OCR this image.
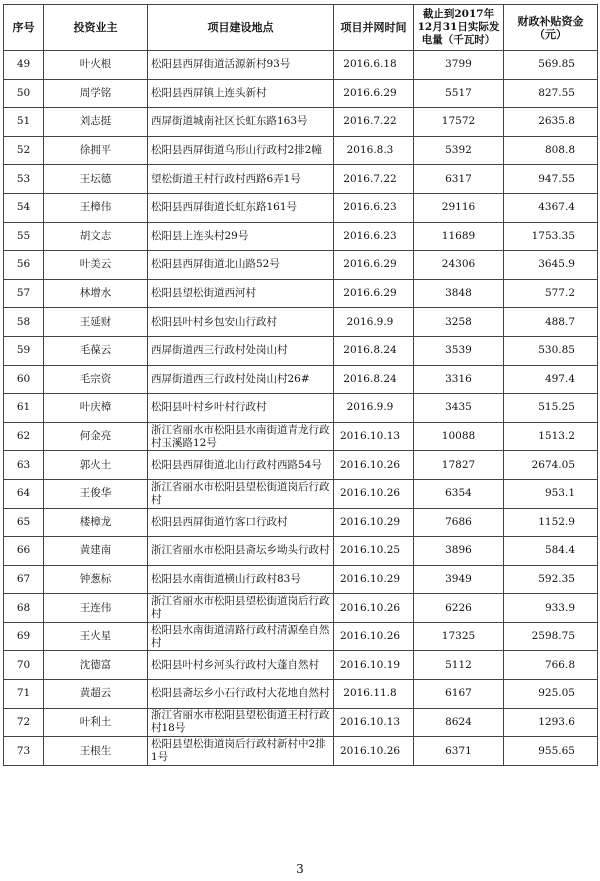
序号	投资业主	项目建设地点	项目并网时间	截止到2017年12月31日实际发电量（千瓦时）	财政补贴资金（元）
49	叶火根	松阳县西屏街道活源新村93号	2016.6.18	3799	569.85
50	周学铭	松阳县西屏镇上连头新村	2016.6.29	5517	827.55
51	刘志挺	西屏街道城南社区长虹东路163号	2016.7.22	17572	2635.8
52	徐拥平	松阳县西屏街道乌形山行政村2排2幢	2016.8.3	5392	808.8
53	王坛德	望松街道王村行政村西路6弄1号	2016.7.22	6317	947.55
54	王樟伟	松阳县西屏街道长虹东路161号	2016.6.23	29116	4367.4
55	胡文志	松阳县上连头村29号	2016.6.23	11689	1753.35
56	叶美云	松阳县西屏街道北山路52号	2016.6.29	24306	3645.9
57	林增水	松阳县望松街道西河村	2016.6.29	3848	577.2
58	王延财	松阳县叶村乡包安山行政村	2016.9.9	3258	488.7
59	毛葆云	西屏街道西三行政村处岗山村	2016.8.24	3539	530.85
60	毛宗资	西屏街道西三行政村处岗山村26#	2016.8.24	3316	497.4
61	叶庆樟	松阳县叶村乡叶村行政村	2016.9.9	3435	515.25
62	何金亮	浙江省丽水市松阳县水南街道青龙行政村玉溪路12号	2016.10.13	10088	1513.2
63	郭火土	松阳县西屏街道北山行政村西路54号	2016.10.26	17827	2674.05
64	王俊华	浙江省丽水市松阳县望松街道岗后行政村	2016.10.26	6354	953.1
65	楼樟龙	松阳县西屏街道竹客口行政村	2016.10.29	7686	1152.9
66	黄建南	浙江省丽水市松阳县斋坛乡坳头行政村	2016.10.25	3896	584.4
67	钟葱标	松阳县水南街道横山行政村83号	2016.10.29	3949	592.35
68	王连伟	浙江省丽水市松阳县望松街道岗后行政村	2016.10.26	6226	933.9
69	王火星	松阳县水南街道清路行政村清源垒自然村	2016.10.26	17325	2598.75
70	沈德富	松阳县叶村乡河头行政村大蓬自然村	2016.10.19	5112	766.8
71	黄超云	松阳县斋坛乡小石行政村大花地自然村	2016.11.8	6167	925.05
72	叶利土	浙江省丽水市松阳县望松街道王村行政村18号	2016.10.13	8624	1293.6
73	王根生	松阳县望松街道岗后行政村新村中2排1号	2016.10.26	6371	955.65
3
